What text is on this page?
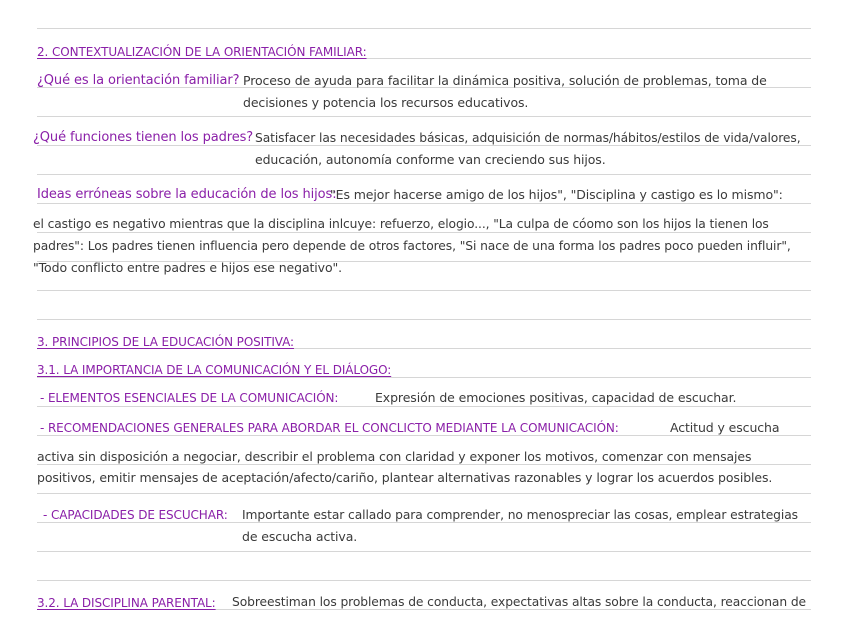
2. CONTEXTUALIZACIÓN DE LA ORIENTACIÓN FAMILIAR:
¿Qué es la orientación familiar? Proceso de ayuda para facilitar la dinámica positiva, solución de problemas, toma de
decisiones y potencia los recursos educativos.
¿Qué funciones tienen los padres? Satisfacer las necesidades básicas, adquisición de normas/hábitos/estilos de vida/valores,
educación, autonomía conforme van creciendo sus hijos.
Ideas erróneas sobre la educación de los hijos:
"Es mejor hacerse amigo de los hijos", "Disciplina y castigo es lo mismo":
el castigo es negativo mientras que la disciplina inlcuye: refuerzo, elogio..., "La culpa de cóomo son los hijos la tienen los
padres": Los padres tienen influencia pero depende de otros factores, "Si nace de una forma los padres poco pueden influir",
"Todo conflicto entre padres e hijos ese negativo".
3. PRINCIPIOS DE LA EDUCACIÓN POSITIVA:
3.1. LA IMPORTANCIA DE LA COMUNICACIÓN Y EL DIÁLOGO:
- ELEMENTOS ESENCIALES DE LA COMUNICACIÓN:	Expresión de emociones positivas, capacidad de escuchar.
- RECOMENDACIONES GENERALES PARA ABORDAR EL CONCLICTO MEDIANTE LA COMUNICACIÓN:	Actitud y escucha
activa sin disposición a negociar, describir el problema con claridad y exponer los motivos, comenzar con mensajes
positivos, emitir mensajes de aceptación/afecto/cariño, plantear alternativas razonables y lograr los acuerdos posibles.
- CAPACIDADES DE ESCUCHAR: Importante estar callado para comprender, no menospreciar las cosas, emplear estrategias
de escucha activa.
3.2. LA DISCIPLINA PARENTAL: Sobreestiman los problemas de conducta, expectativas altas sobre la conducta, reaccionan de
